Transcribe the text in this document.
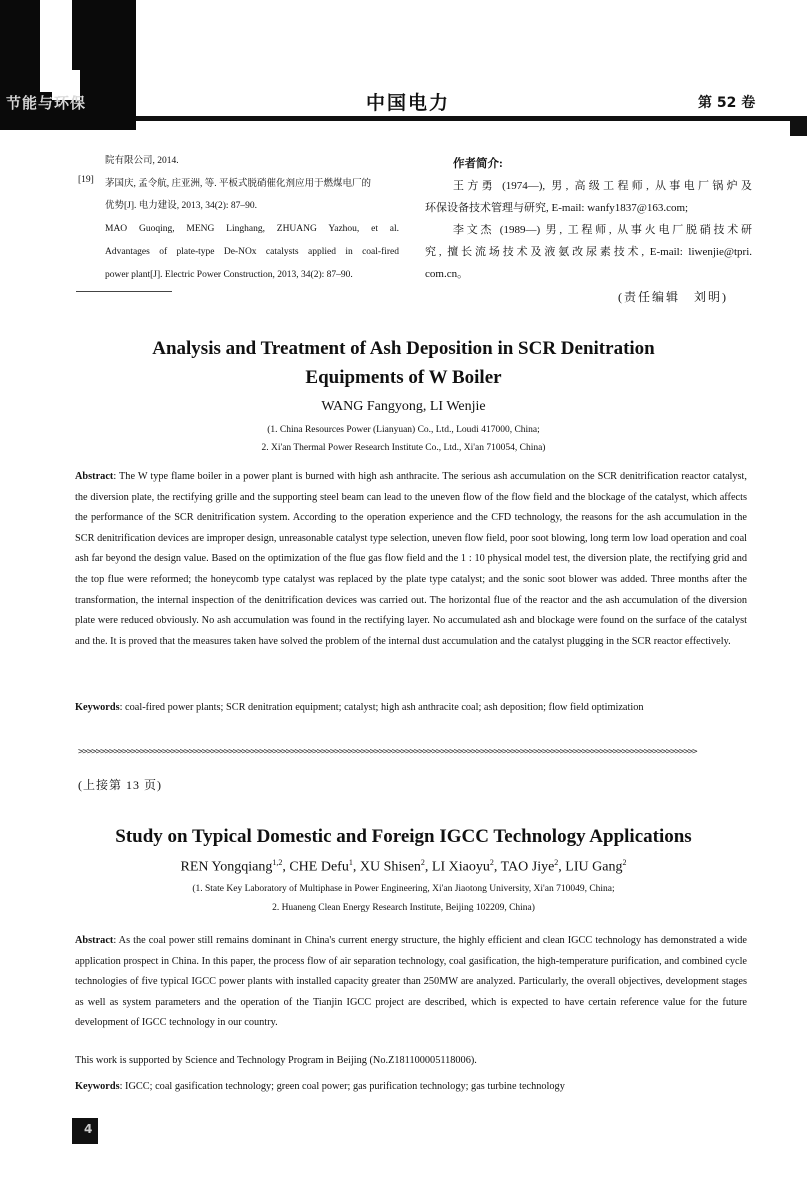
节能与环保	中国电力	第 52 卷
院有限公司, 2014.
[19] 茅国庆, 孟令航, 庄亚洲, 等. 平板式脱硝催化剂应用于燃煤电厂的
优势[J]. 电力建设, 2013, 34(2): 87–90.
MAO Guoqing, MENG Linghang, ZHUANG Yazhou, et al.
Advantages of plate-type De-NOx catalysts applied in coal-fired
power plant[J]. Electric Power Construction, 2013, 34(2): 87–90.
作者简介:
王方勇 (1974—), 男, 高级工程师, 从事电厂锅炉及
环保设备技术管理与研究, E-mail: wanfy1837@163.com;
李文杰 (1989—) 男, 工程师, 从事火电厂脱硝技术研
究, 擅长流场技术及液氨改尿素技术, E-mail: liwenjie@tpri.
com.cn。
(责任编辑　刘明)
Analysis and Treatment of Ash Deposition in SCR Denitration
Equipments of W Boiler
WANG Fangyong, LI Wenjie
(1. China Resources Power (Lianyuan) Co., Ltd., Loudi 417000, China;
2. Xi'an Thermal Power Research Institute Co., Ltd., Xi'an 710054, China)
Abstract: The W type flame boiler in a power plant is burned with high ash anthracite. The serious ash accumulation on the SCR denitrification reactor catalyst, the diversion plate, the rectifying grille and the supporting steel beam can lead to the uneven flow of the flow field and the blockage of the catalyst, which affects the performance of the SCR denitrification system. According to the operation experience and the CFD technology, the reasons for the ash accumulation in the SCR denitrification devices are improper design, unreasonable catalyst type selection, uneven flow field, poor soot blowing, long term low load operation and coal ash far beyond the design value. Based on the optimization of the flue gas flow field and the 1 : 10 physical model test, the diversion plate, the rectifying grid and the top flue were reformed; the honeycomb type catalyst was replaced by the plate type catalyst; and the sonic soot blower was added. Three months after the transformation, the internal inspection of the denitrification devices was carried out. The horizontal flue of the reactor and the ash accumulation of the diversion plate were reduced obviously. No ash accumulation was found in the rectifying layer. No accumulated ash and blockage were found on the surface of the catalyst and the. It is proved that the measures taken have solved the problem of the internal dust accumulation and the catalyst plugging in the SCR reactor effectively.
Keywords: coal-fired power plants; SCR denitration equipment; catalyst; high ash anthracite coal; ash deposition; flow field optimization
>>>>>>>>>>>>>>>>>>>>>>>>>>>>>>>>>>>>>>>>>>>>>>>>>>>>>>>>>>>>>>>>>>>>>>>>>>>>>>>>>>>>>>>>>>>>>>>>>>>>>>>>>>>>>>>>>>>>>>>>>>>>>>>>>>>>>>>>>>>>
(上接第 13 页)
Study on Typical Domestic and Foreign IGCC Technology Applications
REN Yongqiang$^{1,2}$, CHE Defu$^1$, XU Shisen$^2$, LI Xiaoyu$^2$, TAO Jiye$^2$, LIU Gang$^2$
(1. State Key Laboratory of Multiphase in Power Engineering, Xi'an Jiaotong University, Xi'an 710049, China;
2. Huaneng Clean Energy Research Institute, Beijing 102209, China)
Abstract: As the coal power still remains dominant in China's current energy structure, the highly efficient and clean IGCC technology has demonstrated a wide application prospect in China. In this paper, the process flow of air separation technology, coal gasification, the high-temperature purification, and combined cycle technologies of five typical IGCC power plants with installed capacity greater than 250MW are analyzed. Particularly, the overall objectives, development stages as well as system parameters and the operation of the Tianjin IGCC project are described, which is expected to have certain reference value for the future development of IGCC technology in our country.
This work is supported by Science and Technology Program in Beijing (No.Z181100005118006).
Keywords: IGCC; coal gasification technology; green coal power; gas purification technology; gas turbine technology
4
